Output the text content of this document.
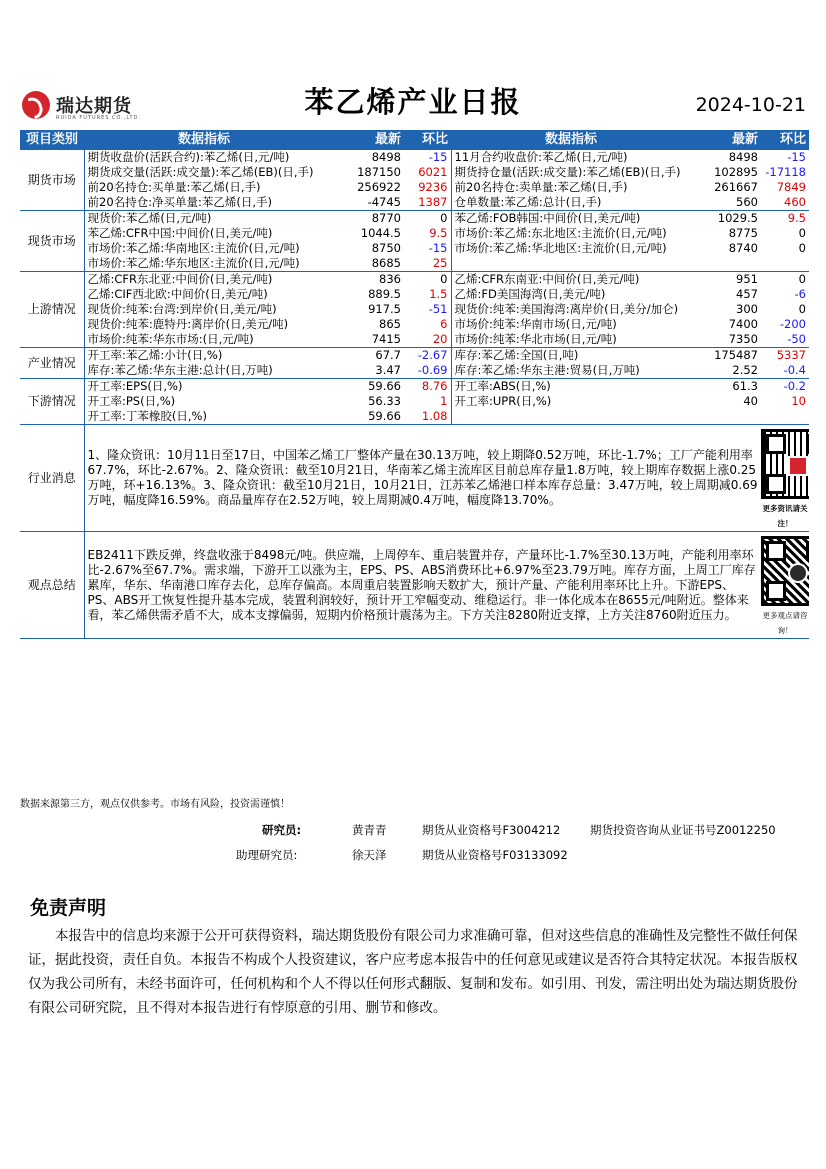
瑞达期货
RUIDA FUTURES CO.,LTD.	苯乙烯产业日报	2024-10-21
项目类别	数据指标	最新	环比	数据指标	最新	环比
期货市场	期货收盘价(活跃合约):苯乙烯(日,元/吨)	8498	-15	11月合约收盘价:苯乙烯(日,元/吨)	8498	-15
	期货成交量(活跃:成交量):苯乙烯(EB)(日,手)	187150	6021	期货持仓量(活跃:成交量):苯乙烯(EB)(日,手)	102895	-17118
	前20名持仓:买单量:苯乙烯(日,手)	256922	9236	前20名持仓:卖单量:苯乙烯(日,手)	261667	7849
	前20名持仓:净买单量:苯乙烯(日,手)	-4745	1387	仓单数量:苯乙烯:总计(日,手)	560	460
现货市场	现货价:苯乙烯(日,元/吨)	8770	0	苯乙烯:FOB韩国:中间价(日,美元/吨)	1029.5	9.5
	苯乙烯:CFR中国:中间价(日,美元/吨)	1044.5	9.5	市场价:苯乙烯:东北地区:主流价(日,元/吨)	8775	0
	市场价:苯乙烯:华南地区:主流价(日,元/吨)	8750	-15	市场价:苯乙烯:华北地区:主流价(日,元/吨)	8740	0
	市场价:苯乙烯:华东地区:主流价(日,元/吨)	8685	25			
上游情况	乙烯:CFR东北亚:中间价(日,美元/吨)	836	0	乙烯:CFR东南亚:中间价(日,美元/吨)	951	0
	乙烯:CIF西北欧:中间价(日,美元/吨)	889.5	1.5	乙烯:FD美国海湾(日,美元/吨)	457	-6
	现货价:纯苯:台湾:到岸价(日,美元/吨)	917.5	-51	现货价:纯苯:美国海湾:离岸价(日,美分/加仑)	300	0
	现货价:纯苯:鹿特丹:离岸价(日,美元/吨)	865	6	市场价:纯苯:华南市场(日,元/吨)	7400	-200
	市场价:纯苯:华东市场:(日,元/吨)	7415	20	市场价:纯苯:华北市场(日,元/吨)	7350	-50
产业情况	开工率:苯乙烯:小计(日,%)	67.7	-2.67	库存:苯乙烯:全国(日,吨)	175487	5337
	库存:苯乙烯:华东主港:总计(日,万吨)	3.47	-0.69	库存:苯乙烯:华东主港:贸易(日,万吨)	2.52	-0.4
下游情况	开工率:EPS(日,%)	59.66	8.76	开工率:ABS(日,%)	61.3	-0.2
	开工率:PS(日,%)	56.33	1	开工率:UPR(日,%)	40	10
	开工率:丁苯橡胶(日,%)	59.66	1.08			
行业消息	1、隆众资讯：10月11日至17日，中国苯乙烯工厂整体产量在30.13万吨，较上期降0.52万吨，环比-1.7%；工厂产能利用率67.7%，环比-2.67%。2、隆众资讯：截至10月21日，华南苯乙烯主流库区目前总库存量1.8万吨，较上期库存数据上涨0.25万吨，环+16.13%。3、隆众资讯：截至10月21日，10月21日，江苏苯乙烯港口样本库存总量：3.47万吨，较上周期减0.69万吨，幅度降16.59%。商品量库存在2.52万吨，较上周期减0.4万吨，幅度降13.70%。					更多资讯请关注！

观点总结	EB2411下跌反弹，终盘收涨于8498元/吨。供应端，上周停车、重启装置并存，产量环比-1.7%至30.13万吨，产能利用率环比-2.67%至67.7%。需求端，下游开工以涨为主，EPS、PS、ABS消费环比+6.97%至23.79万吨。库存方面，上周工厂库存累库，华东、华南港口库存去化，总库存偏高。本周重启装置影响天数扩大，预计产量、产能利用率环比上升。下游EPS、PS、ABS开工恢复性提升基本完成，装置利润较好，预计开工窄幅变动、维稳运行。非一体化成本在8655元/吨附近。整体来看，苯乙烯供需矛盾不大，成本支撑偏弱，短期内价格预计震荡为主。下方关注8280附近支撑，上方关注8760附近压力。					更多观点请咨询！
数据来源第三方，观点仅供参考。市场有风险，投资需谨慎！
研究员:	黄青青	期货从业资格号F3004212	期货投资咨询从业证书号Z0012250
助理研究员:	徐天泽	期货从业资格号F03133092
免责声明
本报告中的信息均来源于公开可获得资料，瑞达期货股份有限公司力求准确可靠，但对这些信息的准确性及完整性不做任何保证，据此投资，责任自负。本报告不构成个人投资建议，客户应考虑本报告中的任何意见或建议是否符合其特定状况。本报告版权仅为我公司所有，未经书面许可，任何机构和个人不得以任何形式翻版、复制和发布。如引用、刊发，需注明出处为瑞达期货股份有限公司研究院，且不得对本报告进行有悖原意的引用、删节和修改。
